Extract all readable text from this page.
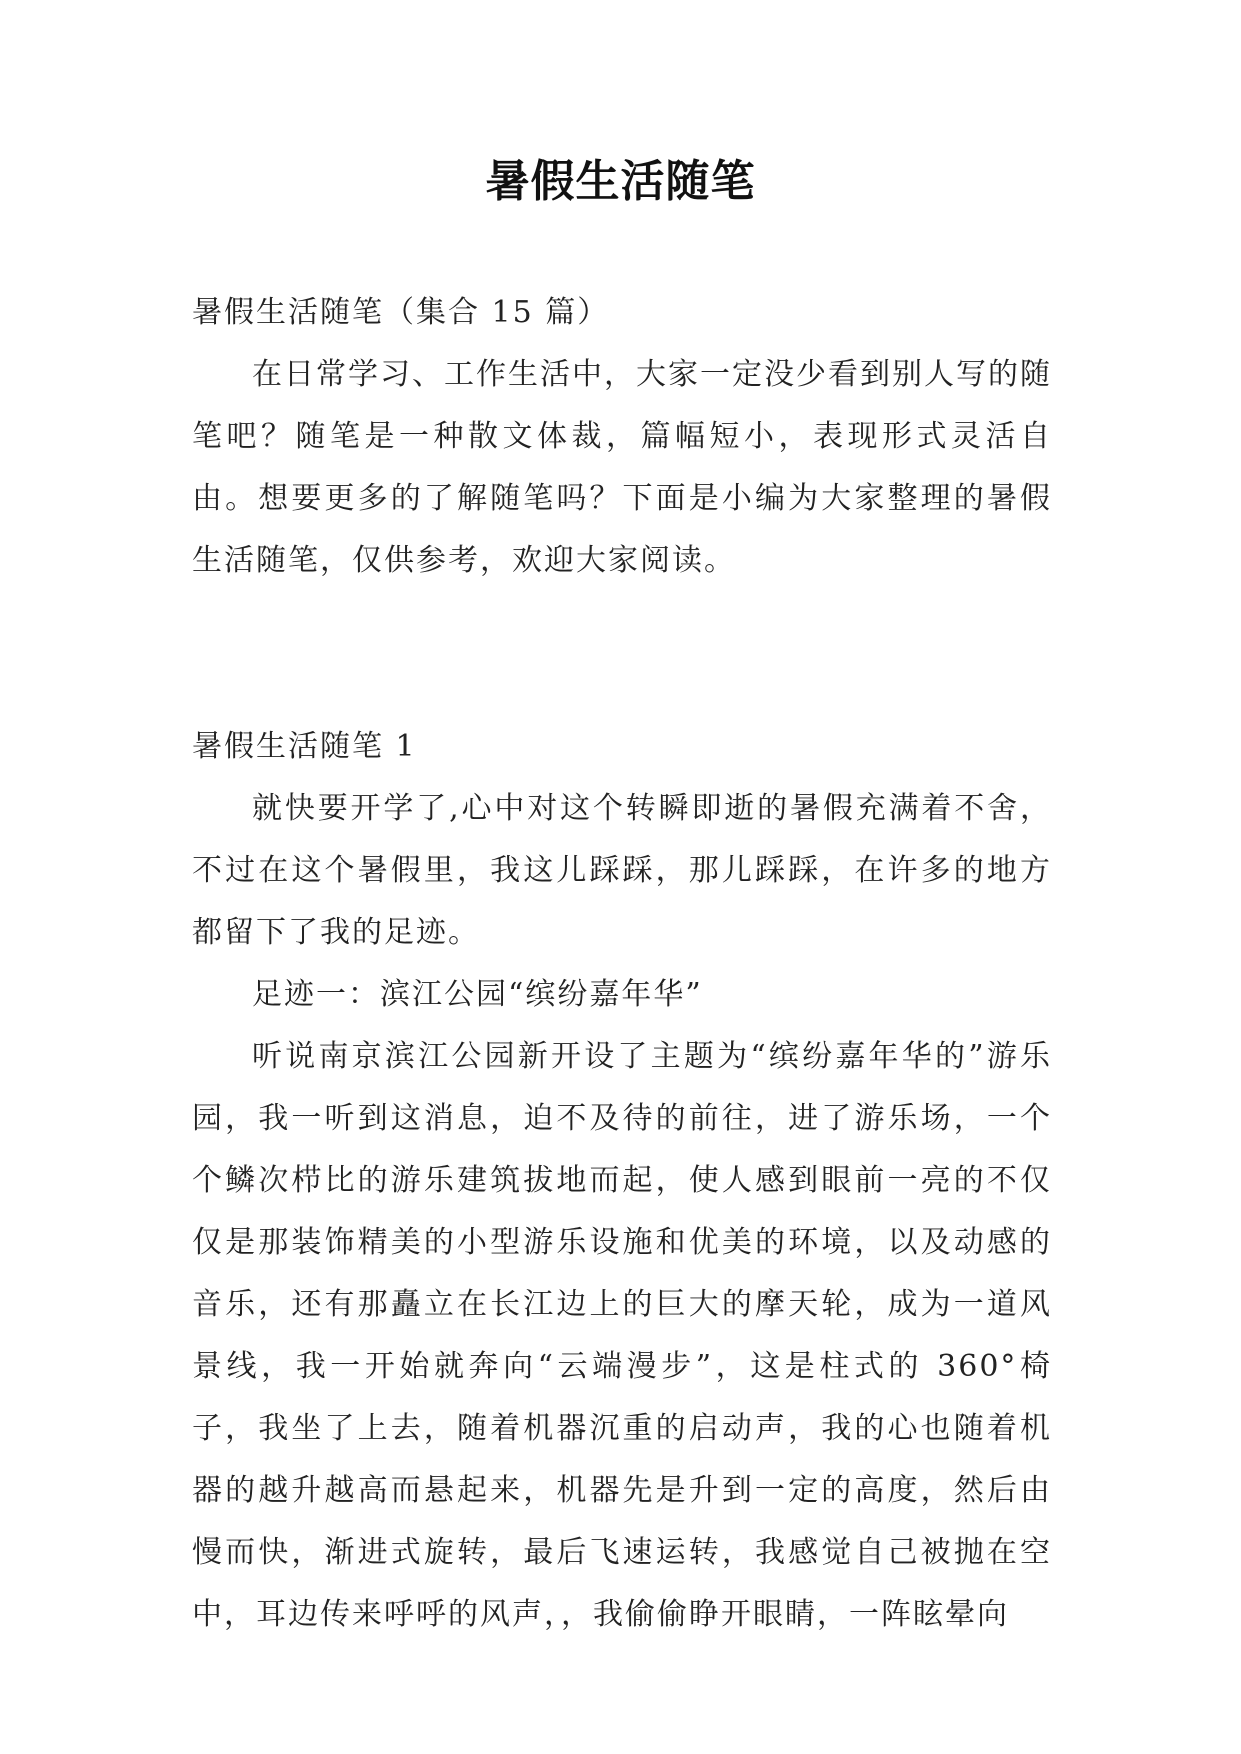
暑假生活随笔

暑假生活随笔（集合 15 篇）

在日常学习、工作生活中，大家一定没少看到别人写的随笔吧？随笔是一种散文体裁，篇幅短小，表现形式灵活自由。想要更多的了解随笔吗？下面是小编为大家整理的暑假生活随笔，仅供参考，欢迎大家阅读。

暑假生活随笔 1

就快要开学了,心中对这个转瞬即逝的暑假充满着不舍，不过在这个暑假里，我这儿踩踩，那儿踩踩，在许多的地方都留下了我的足迹。

足迹一：滨江公园“缤纷嘉年华”

听说南京滨江公园新开设了主题为“缤纷嘉年华的”游乐园，我一听到这消息，迫不及待的前往，进了游乐场，一个个鳞次栉比的游乐建筑拔地而起，使人感到眼前一亮的不仅仅是那装饰精美的小型游乐设施和优美的环境，以及动感的音乐，还有那矗立在长江边上的巨大的摩天轮，成为一道风景线，我一开始就奔向“云端漫步”，这是柱式的 360°椅子，我坐了上去，随着机器沉重的启动声，我的心也随着机器的越升越高而悬起来，机器先是升到一定的高度，然后由慢而快，渐进式旋转，最后飞速运转，我感觉自己被抛在空中，耳边传来呼呼的风声，，我偷偷睁开眼睛，一阵眩晕向
